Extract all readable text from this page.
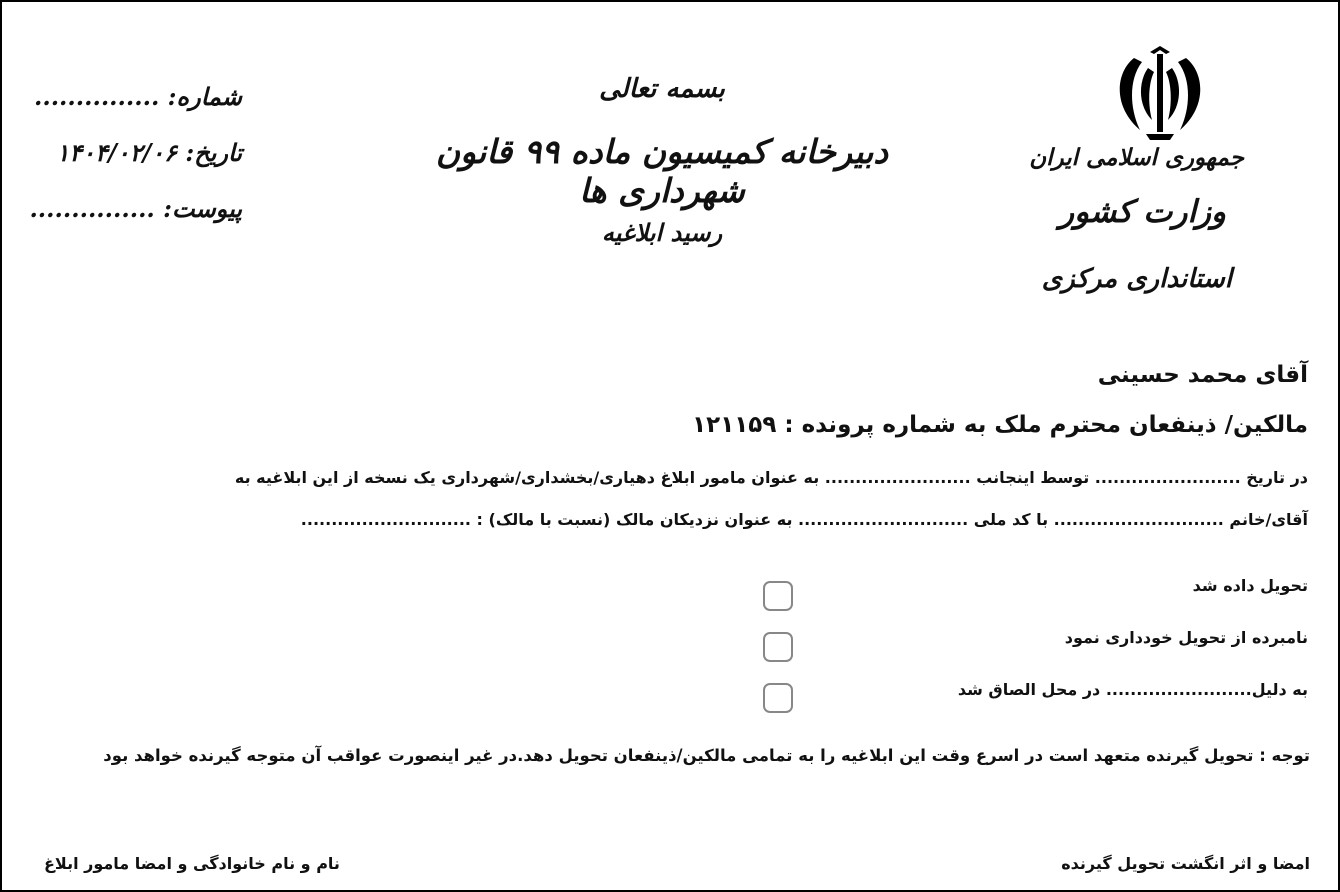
جمهوری اسلامی ایران
وزارت کشور
استانداری مرکزی
بسمه تعالی
دبیرخانه کمیسیون ماده ۹۹ قانون شهرداری ها
رسید ابلاغیه
شماره: ...............
تاریخ: ۱۴۰۴/۰۲/۰۶
پیوست: ...............
آقای محمد حسینی
مالکین/ ذینفعان محترم ملک به شماره پرونده : ۱۲۱۱۵۹
در تاریخ ........................ توسط اینجانب ........................ به عنوان مامور ابلاغ دهیاری/بخشداری/شهرداری یک نسخه از این ابلاغیه به
آقای/خانم ............................ با کد ملی ............................ به عنوان نزدیکان مالک (نسبت با مالک) : ............................
تحویل داده شد
نامبرده از تحویل خودداری نمود
به دلیل........................ در محل الصاق شد
توجه : تحویل گیرنده متعهد است در اسرع وقت این ابلاغیه را به تمامی مالکین/ذینفعان تحویل دهد.در غیر اینصورت عواقب آن متوجه گیرنده خواهد بود
امضا و اثر انگشت تحویل گیرنده
نام و نام خانوادگی و امضا مامور ابلاغ
